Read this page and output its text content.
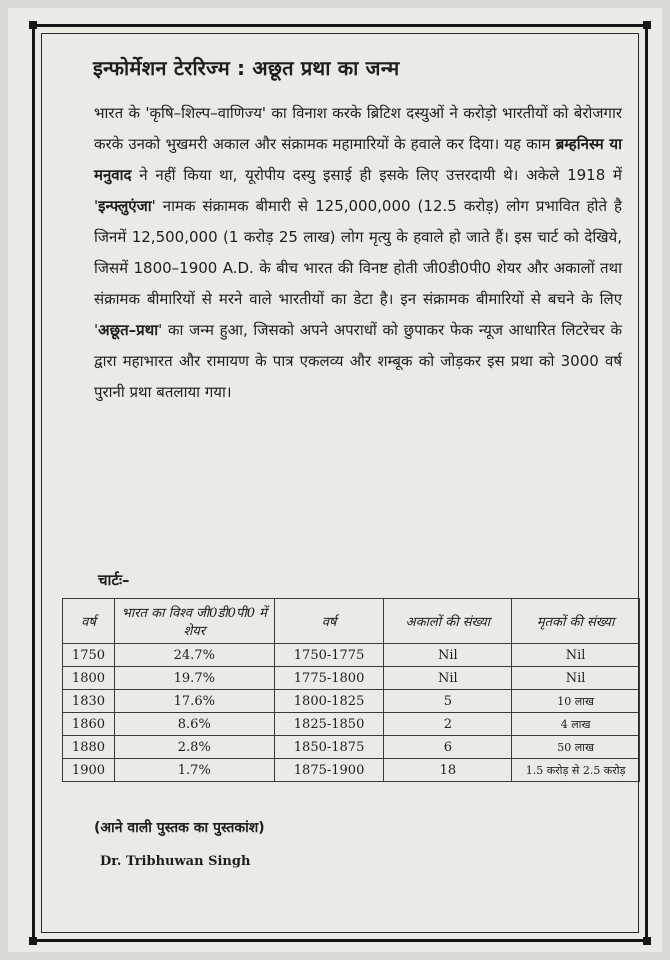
इन्फोर्मेशन टेररिज्म : अछूत प्रथा का जन्म
भारत के 'कृषि–शिल्प–वाणिज्य' का विनाश करके ब्रिटिश दस्युओं ने करोड़ो भारतीयों को बेरोजगार करके उनको भुखमरी अकाल और संक्रामक महामारियों के हवाले कर दिया। यह काम ब्रम्हनिस्म या मनुवाद ने नहीं किया था, यूरोपीय दस्यु इसाई ही इसके लिए उत्तरदायी थे। अकेले 1918 में 'इन्फ्लुएंजा' नामक संक्रामक बीमारी से 125,000,000 (12.5 करोड़) लोग प्रभावित होते है जिनमें 12,500,000 (1 करोड़ 25 लाख) लोग मृत्यु के हवाले हो जाते हैं। इस चार्ट को देखिये, जिसमें 1800–1900 A.D. के बीच भारत की विनष्ट होती जी0डी0पी0 शेयर और अकालों तथा संक्रामक बीमारियों से मरने वाले भारतीयों का डेटा है। इन संक्रामक बीमारियों से बचने के लिए 'अछूत–प्रथा' का जन्म हुआ, जिसको अपने अपराधों को छुपाकर फेक न्यूज आधारित लिटरेचर के द्वारा महाभारत और रामायण के पात्र एकलव्य और शम्बूक को जोड़कर इस प्रथा को 3000 वर्ष पुरानी प्रथा बतलाया गया।
चार्टः–
वर्ष	भारत का विश्व जी0डी0पी0 में शेयर	वर्ष	अकालों की संख्या	मृतकों की संख्या
1750	24.7%	1750-1775	Nil	Nil
1800	19.7%	1775-1800	Nil	Nil
1830	17.6%	1800-1825	5	10 लाख
1860	8.6%	1825-1850	2	4 लाख
1880	2.8%	1850-1875	6	50 लाख
1900	1.7%	1875-1900	18	1.5 करोड़ से 2.5 करोड़
(आने वाली पुस्तक का पुस्तकांश)
Dr. Tribhuwan Singh
